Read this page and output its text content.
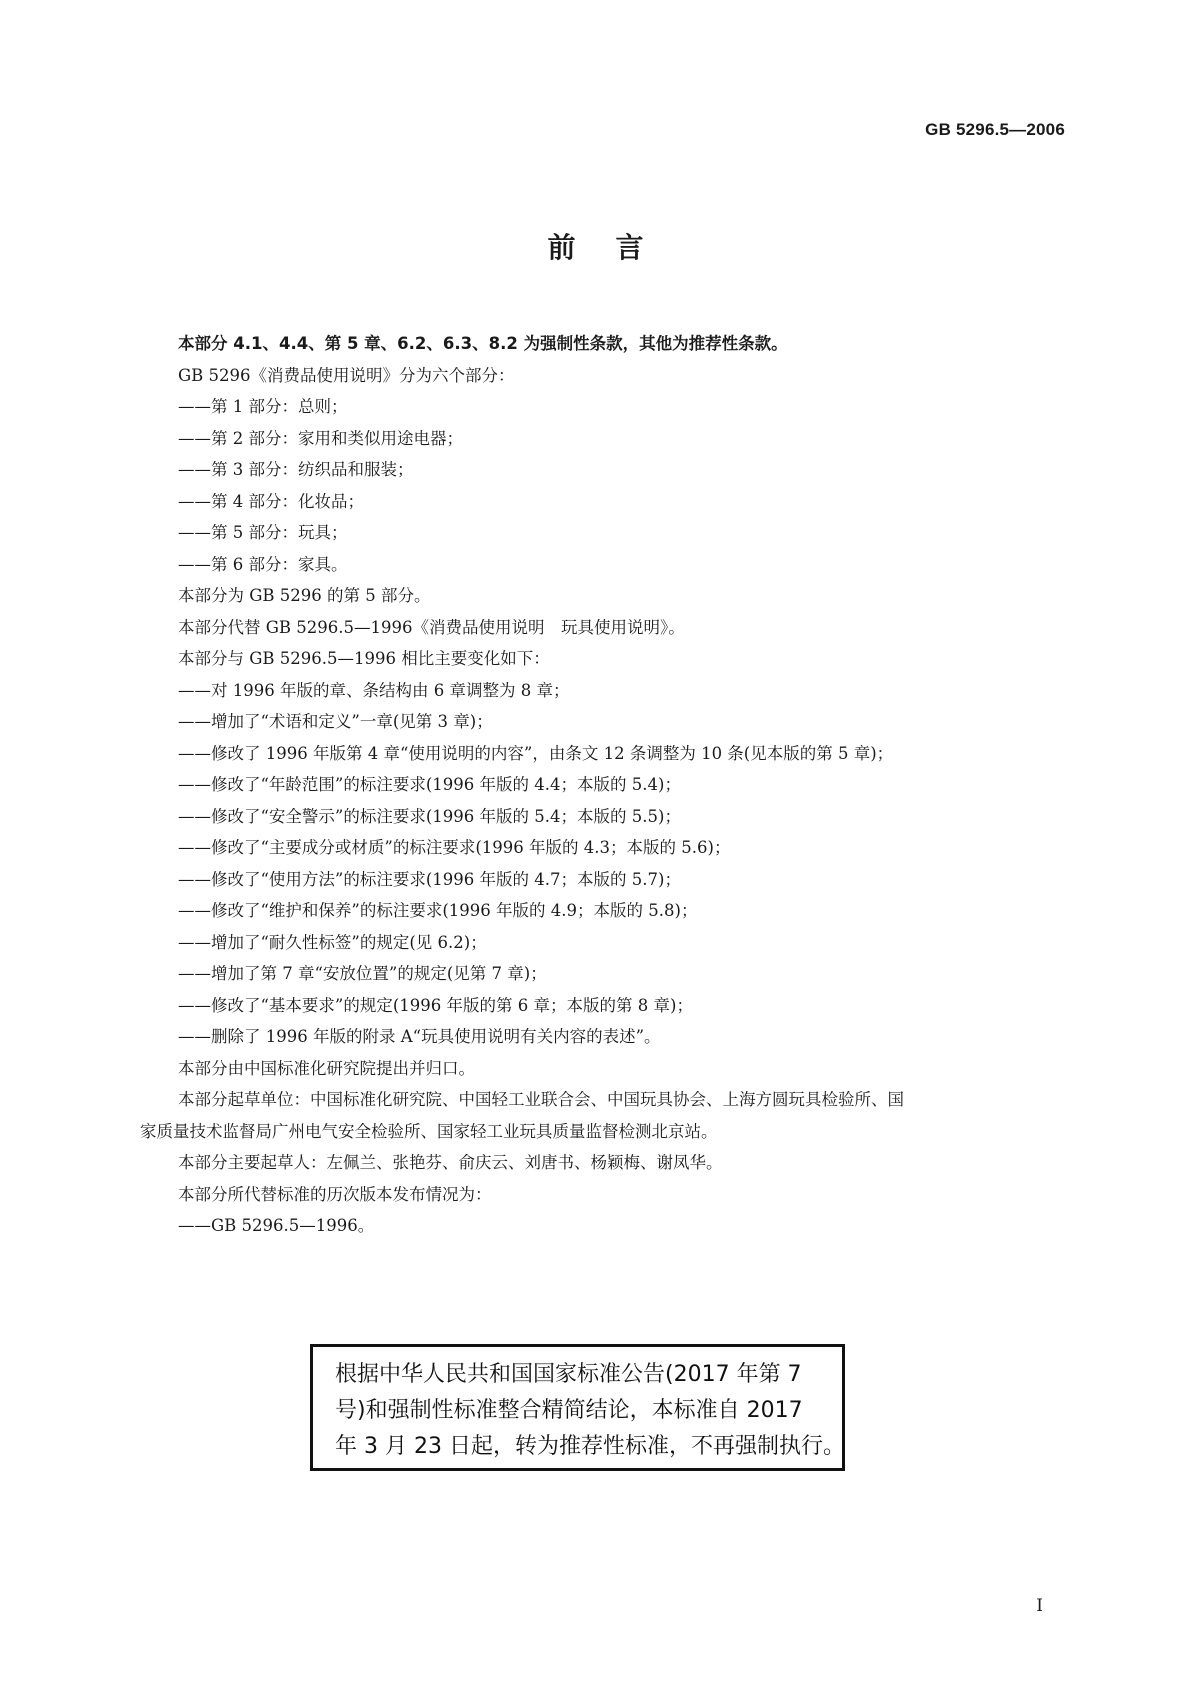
GB 5296.5—2006
前言
本部分 4.1、4.4、第 5 章、6.2、6.3、8.2 为强制性条款，其他为推荐性条款。
GB 5296《消费品使用说明》分为六个部分：
——第 1 部分：总则；
——第 2 部分：家用和类似用途电器；
——第 3 部分：纺织品和服装；
——第 4 部分：化妆品；
——第 5 部分：玩具；
——第 6 部分：家具。
本部分为 GB 5296 的第 5 部分。
本部分代替 GB 5296.5—1996《消费品使用说明　玩具使用说明》。
本部分与 GB 5296.5—1996 相比主要变化如下：
——对 1996 年版的章、条结构由 6 章调整为 8 章；
——增加了“术语和定义”一章(见第 3 章)；
——修改了 1996 年版第 4 章“使用说明的内容”，由条文 12 条调整为 10 条(见本版的第 5 章)；
——修改了“年龄范围”的标注要求(1996 年版的 4.4；本版的 5.4)；
——修改了“安全警示”的标注要求(1996 年版的 5.4；本版的 5.5)；
——修改了“主要成分或材质”的标注要求(1996 年版的 4.3；本版的 5.6)；
——修改了“使用方法”的标注要求(1996 年版的 4.7；本版的 5.7)；
——修改了“维护和保养”的标注要求(1996 年版的 4.9；本版的 5.8)；
——增加了“耐久性标签”的规定(见 6.2)；
——增加了第 7 章“安放位置”的规定(见第 7 章)；
——修改了“基本要求”的规定(1996 年版的第 6 章；本版的第 8 章)；
——删除了 1996 年版的附录 A“玩具使用说明有关内容的表述”。
本部分由中国标准化研究院提出并归口。
本部分起草单位：中国标准化研究院、中国轻工业联合会、中国玩具协会、上海方圆玩具检验所、国
家质量技术监督局广州电气安全检验所、国家轻工业玩具质量监督检测北京站。
本部分主要起草人：左佩兰、张艳芬、俞庆云、刘唐书、杨颖梅、谢凤华。
本部分所代替标准的历次版本发布情况为：
——GB 5296.5—1996。
根据中华人民共和国国家标准公告(2017 年第 7
号)和强制性标准整合精简结论，本标准自 2017
年 3 月 23 日起，转为推荐性标准，不再强制执行。
I
